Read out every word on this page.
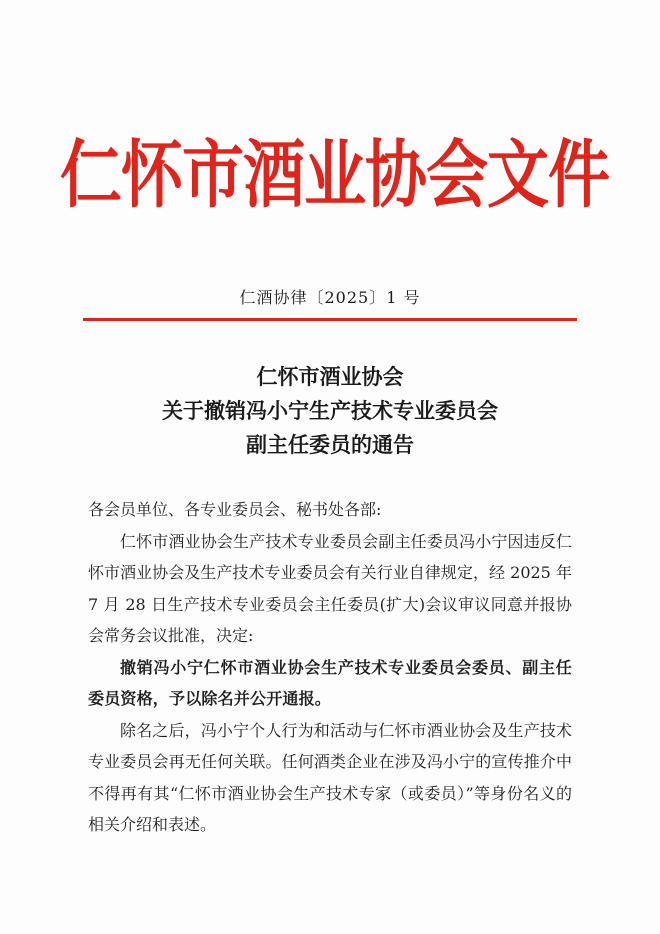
仁怀市酒业协会文件
仁酒协律〔2025〕1 号
仁怀市酒业协会
关于撤销冯小宁生产技术专业委员会
副主任委员的通告

各会员单位、各专业委员会、秘书处各部:

仁怀市酒业协会生产技术专业委员会副主任委员冯小宁因违反仁怀市酒业协会及生产技术专业委员会有关行业自律规定，经 2025 年 7 月 28 日生产技术专业委员会主任委员(扩大)会议审议同意并报协会常务会议批准，决定:

撤销冯小宁仁怀市酒业协会生产技术专业委员会委员、副主任委员资格，予以除名并公开通报。

除名之后，冯小宁个人行为和活动与仁怀市酒业协会及生产技术专业委员会再无任何关联。任何酒类企业在涉及冯小宁的宣传推介中不得再有其“仁怀市酒业协会生产技术专家（或委员）”等身份名义的相关介绍和表述。
